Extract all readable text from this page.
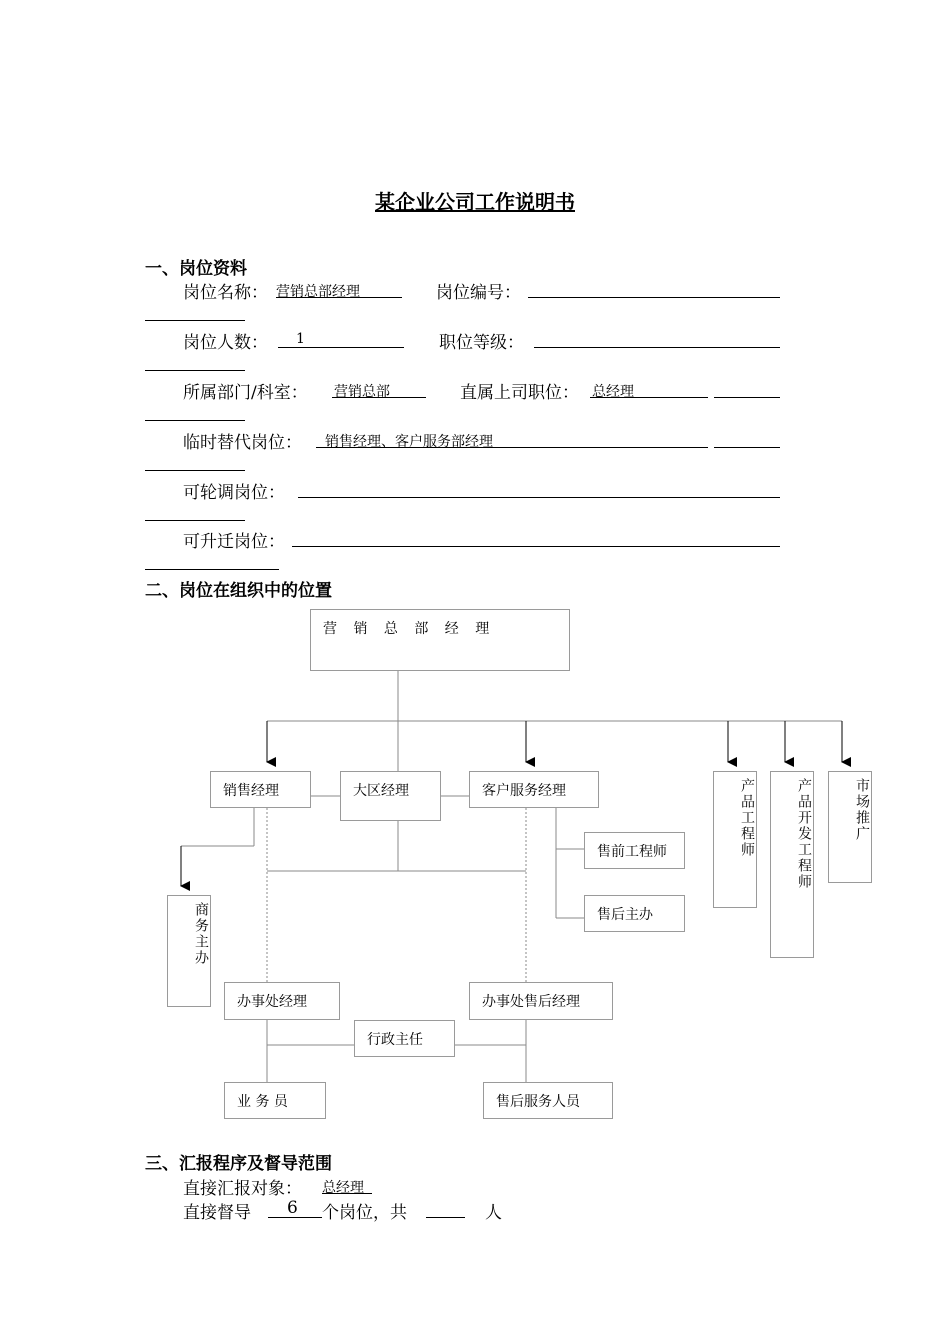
某企业公司工作说明书
一、岗位资料
岗位名称： 营销总部经理	岗位编号：
岗位人数： 1	职位等级：
所属部门/科室： 营销总部	直属上司职位： 总经理
临时替代岗位： 销售经理、客户服务部经理
可轮调岗位：
可升迁岗位：
二、岗位在组织中的位置
营 销 总 部 经 理
销售经理	大区经理	客户服务经理	产品工程师	产品开发工程师	市场推广
售前工程师
售后主办
商务主办
办事处经理	办事处售后经理
行政主任
业 务 员	售后服务人员
三、汇报程序及督导范围
直接汇报对象： 总经理
直接督导 6 个岗位，共	人
